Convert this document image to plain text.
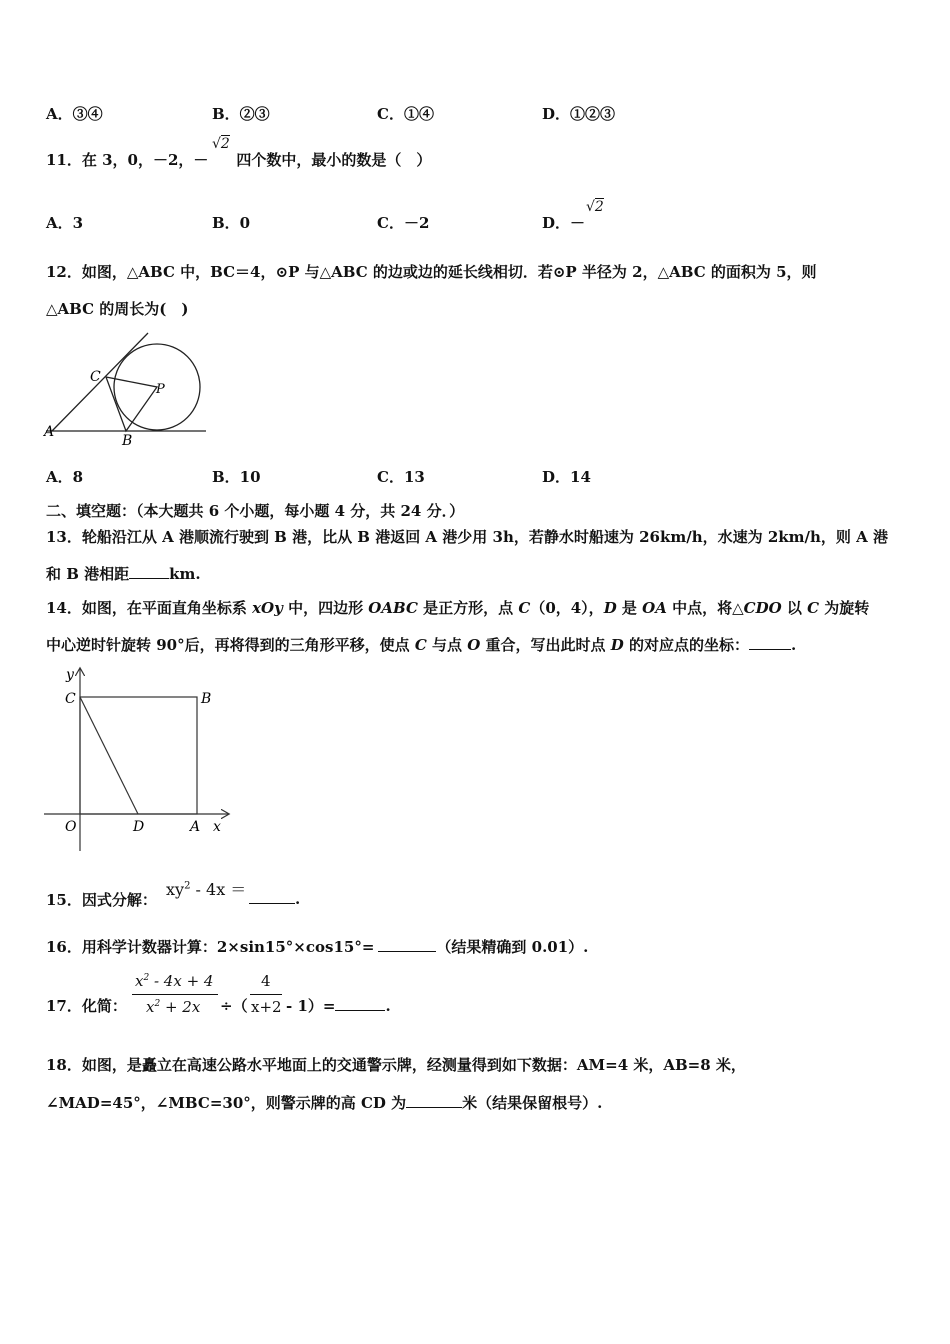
A．③④	B．②③	C．①④	D．①②③
11．在 3，0，－2，－ 四个数中，最小的数是（　）
√2
A．3	B．0	C．－2	D．－
√2
12．如图，△ABC 中，BC＝4，⊙P 与△ABC 的边或边的延长线相切．若⊙P 半径为 2，△ABC 的面积为 5，则
△ABC 的周长为(　)
C
P
A
B
A．8	B．10	C．13	D．14
二、填空题：（本大题共 6 个小题，每小题 4 分，共 24 分．）
13．轮船沿江从 A 港顺流行驶到 B 港，比从 B 港返回 A 港少用 3h，若静水时船速为 26km/h，水速为 2km/h，则 A 港
和 B 港相距	km.
14．如图，在平面直角坐标系 xOy 中，四边形 OABC 是正方形，点 C（0，4），D 是 OA 中点，将△CDO 以 C 为旋转
中心逆时针旋转 90°后，再将得到的三角形平移，使点 C 与点 O 重合，写出此时点 D 的对应点的坐标：	.
y
C	B
O	D	A x
15．因式分解：
$xy^2 - 4x$ ＝	.
16．用科学计数器计算：2×sin15°×cos15°=	（结果精确到 0.01）.
17．化简：
$x^2 - 4x + 4$
$x^2 + 2x$ ÷（
4
x+2 - 1）=	.
18．如图，是矗立在高速公路水平地面上的交通警示牌，经测量得到如下数据：AM=4 米，AB=8 米，
∠MAD=45°，∠MBC=30°，则警示牌的高 CD 为	米（结果保留根号）.
